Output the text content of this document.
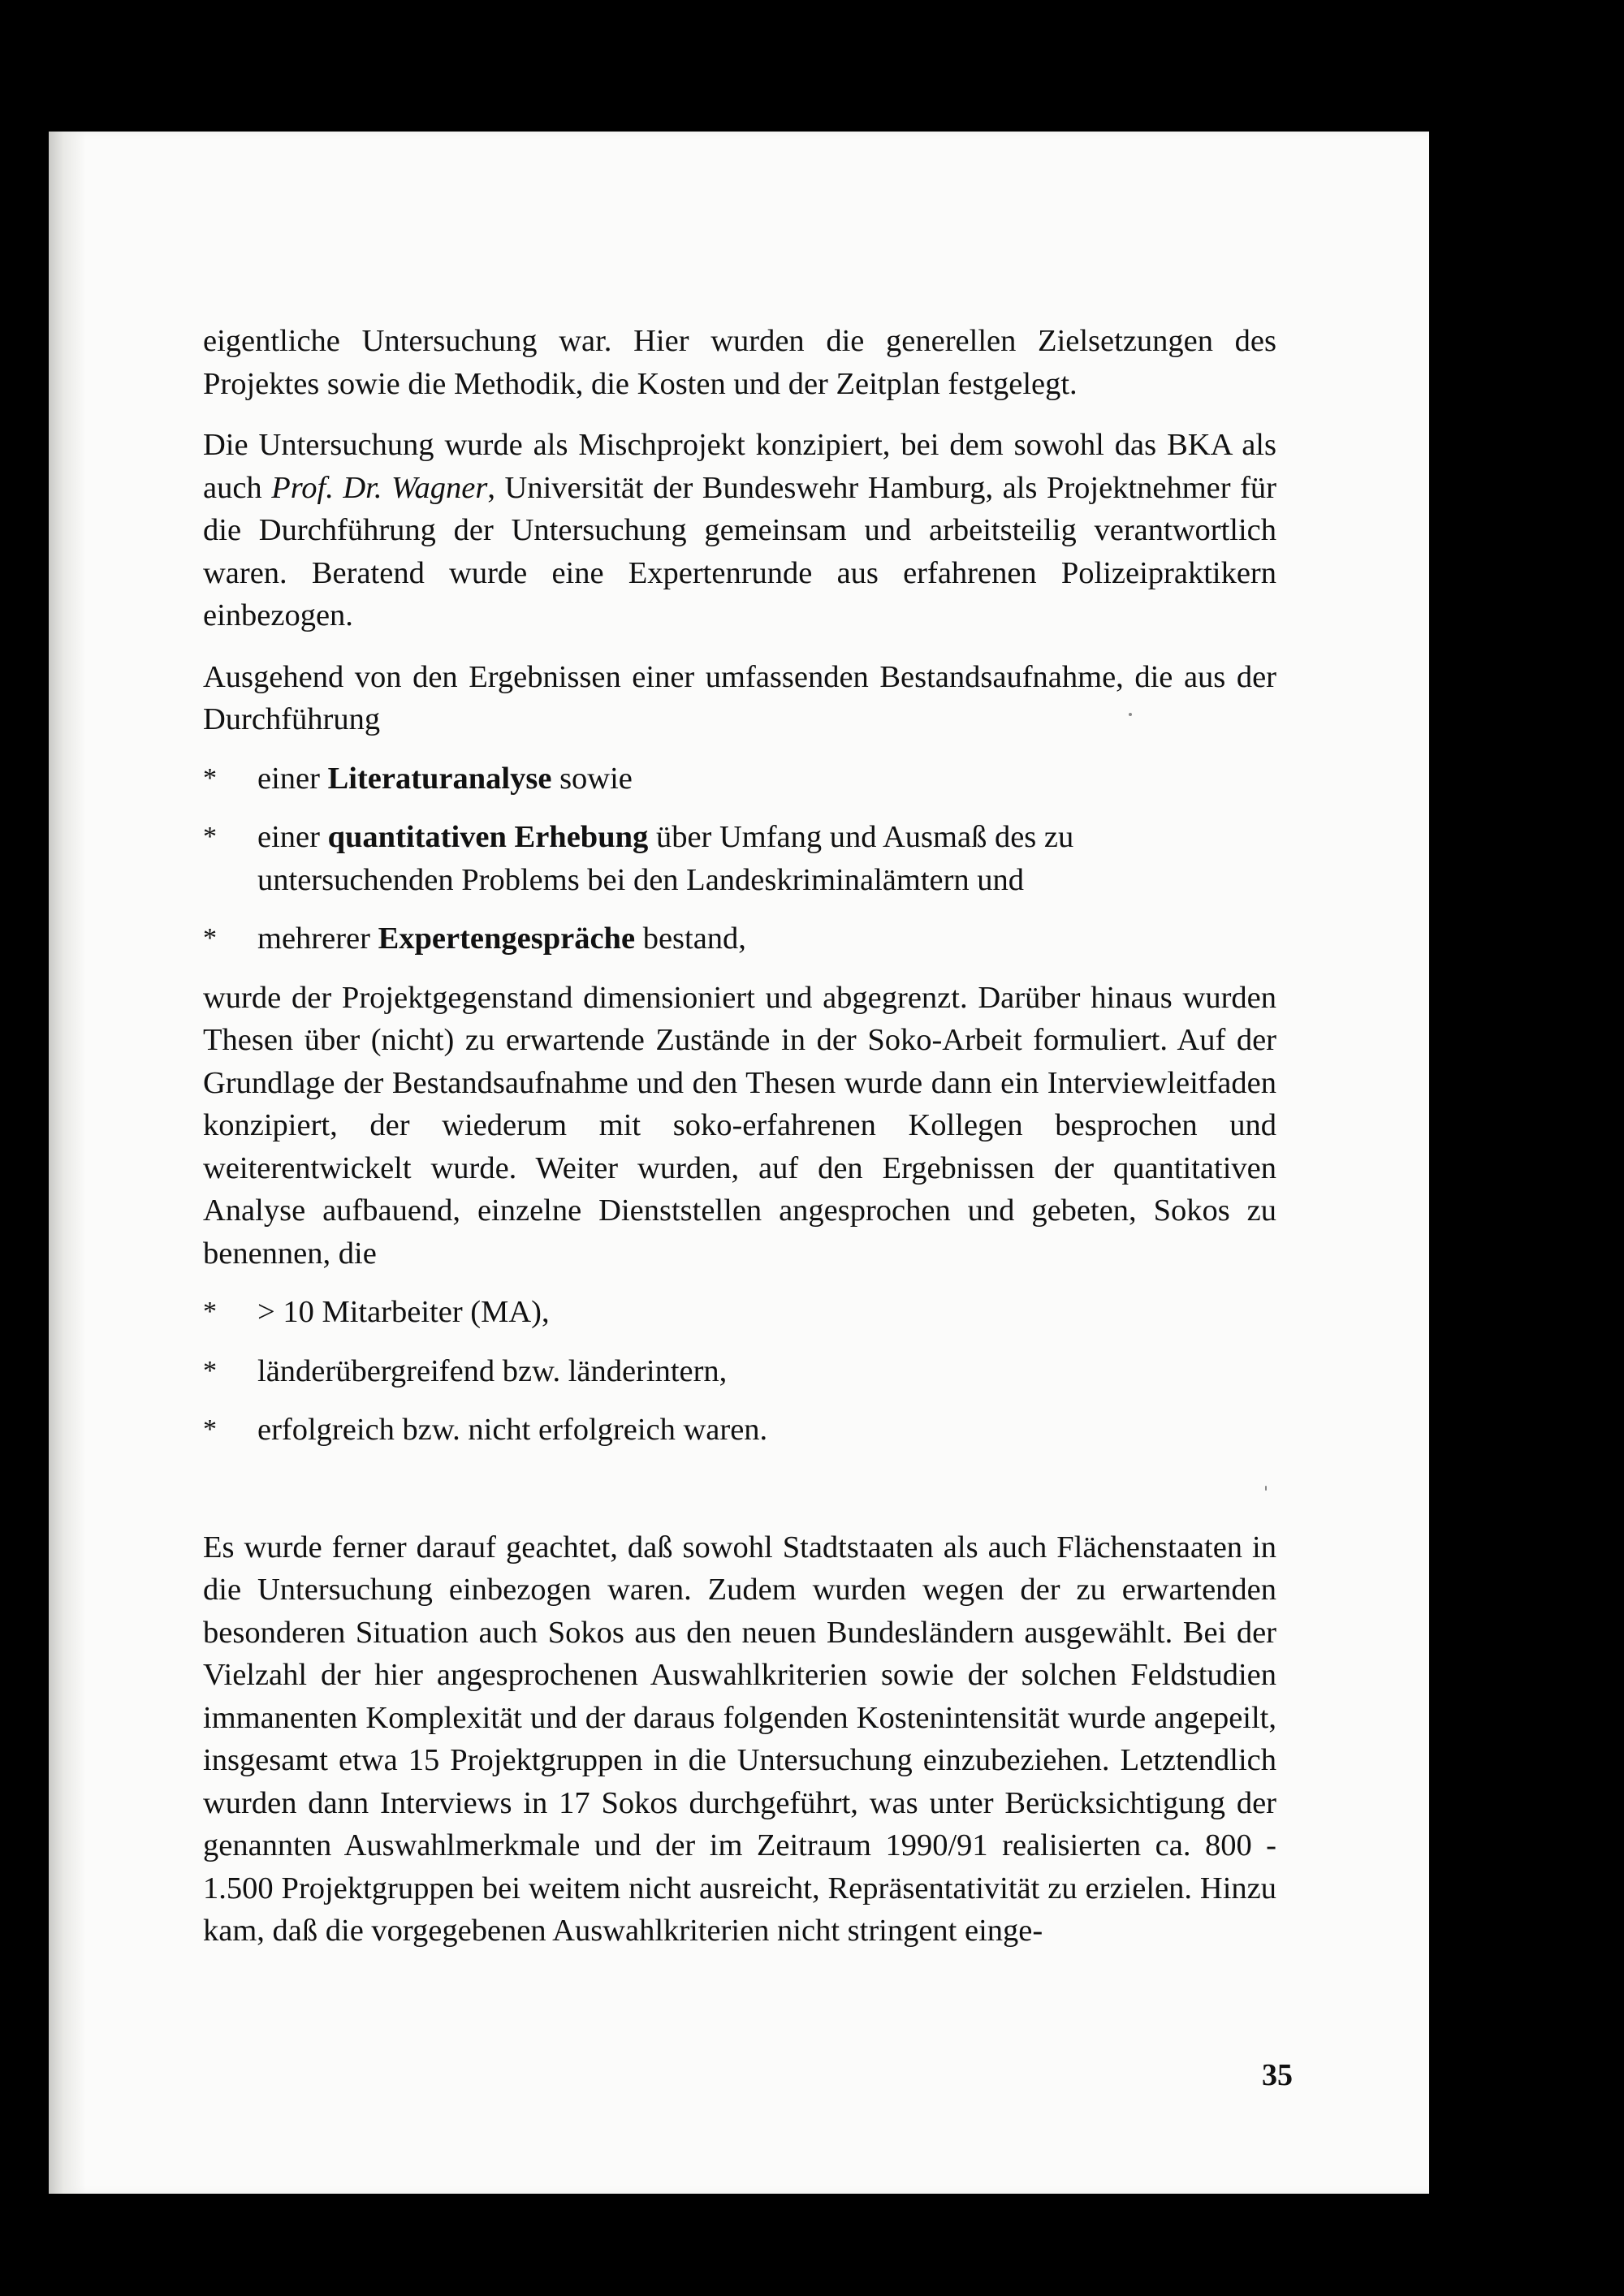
eigentliche Untersuchung war. Hier wurden die generellen Zielsetzungen des Projektes sowie die Methodik, die Kosten und der Zeitplan festgelegt.

Die Untersuchung wurde als Mischprojekt konzipiert, bei dem sowohl das BKA als auch Prof. Dr. Wagner, Universität der Bundeswehr Hamburg, als Projektnehmer für die Durchführung der Untersuchung gemeinsam und arbeitsteilig verantwortlich waren. Beratend wurde eine Expertenrunde aus erfahrenen Polizeipraktikern einbezogen.

Ausgehend von den Ergebnissen einer umfassenden Bestandsaufnahme, die aus der Durchführung

*	einer Literaturanalyse sowie
*	einer quantitativen Erhebung über Umfang und Ausmaß des zu untersuchenden Problems bei den Landeskriminalämtern und
*	mehrerer Expertengespräche bestand,

wurde der Projektgegenstand dimensioniert und abgegrenzt. Darüber hinaus wurden Thesen über (nicht) zu erwartende Zustände in der Soko-Arbeit formuliert. Auf der Grundlage der Bestandsaufnahme und den Thesen wurde dann ein Interviewleitfaden konzipiert, der wiederum mit soko-erfahrenen Kollegen besprochen und weiterentwickelt wurde. Weiter wurden, auf den Ergebnissen der quantitativen Analyse aufbauend, einzelne Dienststellen angesprochen und gebeten, Sokos zu benennen, die

*	> 10 Mitarbeiter (MA),
*	länderübergreifend bzw. länderintern,
*	erfolgreich bzw. nicht erfolgreich waren.

Es wurde ferner darauf geachtet, daß sowohl Stadtstaaten als auch Flächenstaaten in die Untersuchung einbezogen waren. Zudem wurden wegen der zu erwartenden besonderen Situation auch Sokos aus den neuen Bundesländern ausgewählt. Bei der Vielzahl der hier angesprochenen Auswahlkriterien sowie der solchen Feldstudien immanenten Komplexität und der daraus folgenden Kostenintensität wurde angepeilt, insgesamt etwa 15 Projektgruppen in die Untersuchung einzubeziehen. Letztendlich wurden dann Interviews in 17 Sokos durchgeführt, was unter Berücksichtigung der genannten Auswahlmerkmale und der im Zeitraum 1990/91 realisierten ca. 800 - 1.500 Projektgruppen bei weitem nicht ausreicht, Repräsentativität zu erzielen. Hinzu kam, daß die vorgegebenen Auswahlkriterien nicht stringent einge-

35
